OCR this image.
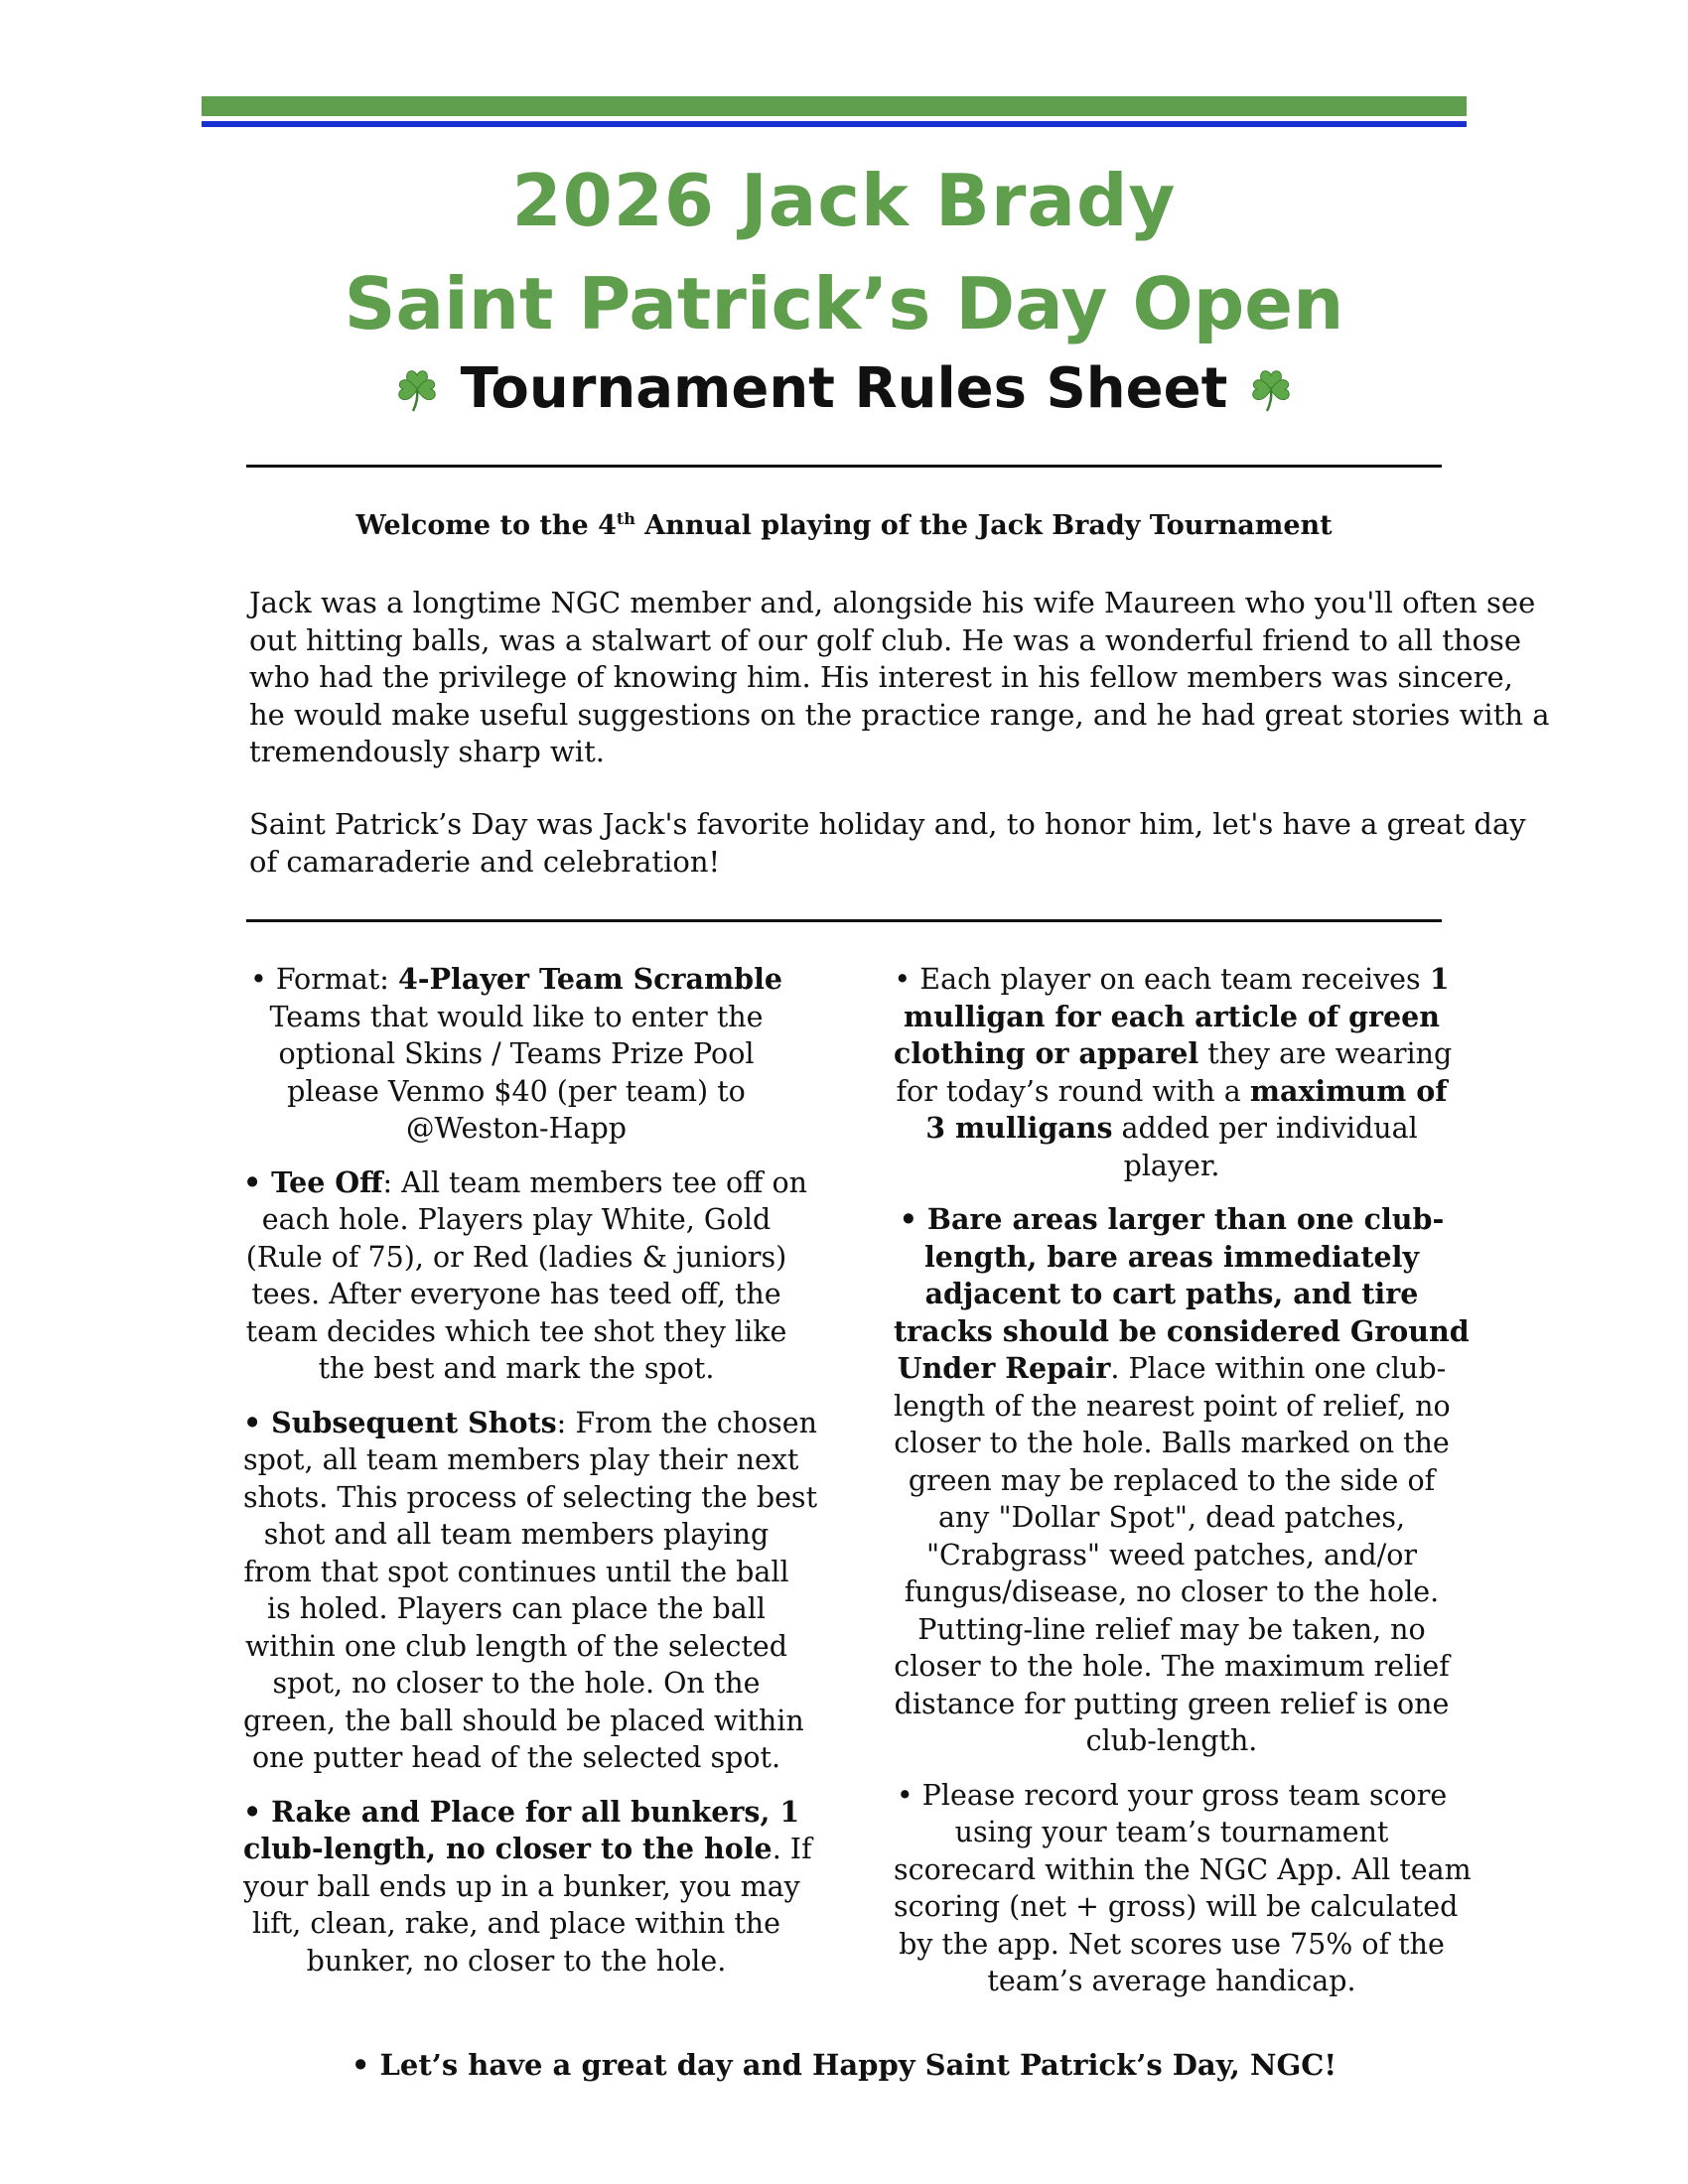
2026 Jack Brady
Saint Patrick’s Day Open
Tournament Rules Sheet
Welcome to the 4th Annual playing of the Jack Brady Tournament
Jack was a longtime NGC member and, alongside his wife Maureen who you'll often see
out hitting balls, was a stalwart of our golf club. He was a wonderful friend to all those
who had the privilege of knowing him. His interest in his fellow members was sincere,
he would make useful suggestions on the practice range, and he had great stories with a
tremendously sharp wit.
Saint Patrick’s Day was Jack's favorite holiday and, to honor him, let's have a great day
of camaraderie and celebration!
• Format: 4-Player Team Scramble
Teams that would like to enter the
optional Skins / Teams Prize Pool
please Venmo $40 (per team) to
@Weston-Happ
• Tee Off: All team members tee off on
each hole. Players play White, Gold
(Rule of 75), or Red (ladies & juniors)
tees. After everyone has teed off, the
team decides which tee shot they like
the best and mark the spot.
• Subsequent Shots: From the chosen
spot, all team members play their next
shots. This process of selecting the best
shot and all team members playing
from that spot continues until the ball
is holed. Players can place the ball
within one club length of the selected
spot, no closer to the hole. On the
green, the ball should be placed within
one putter head of the selected spot.
• Rake and Place for all bunkers, 1
club-length, no closer to the hole. If
your ball ends up in a bunker, you may
lift, clean, rake, and place within the
bunker, no closer to the hole.
• Each player on each team receives 1
mulligan for each article of green
clothing or apparel they are wearing
for today’s round with a maximum of
3 mulligans added per individual
player.
• Bare areas larger than one club-
length, bare areas immediately
adjacent to cart paths, and tire
tracks should be considered Ground
Under Repair. Place within one club-
length of the nearest point of relief, no
closer to the hole. Balls marked on the
green may be replaced to the side of
any "Dollar Spot", dead patches,
"Crabgrass" weed patches, and/or
fungus/disease, no closer to the hole.
Putting-line relief may be taken, no
closer to the hole. The maximum relief
distance for putting green relief is one
club-length.
• Please record your gross team score
using your team’s tournament
scorecard within the NGC App. All team
scoring (net + gross) will be calculated
by the app. Net scores use 75% of the
team’s average handicap.
• Let’s have a great day and Happy Saint Patrick’s Day, NGC!
